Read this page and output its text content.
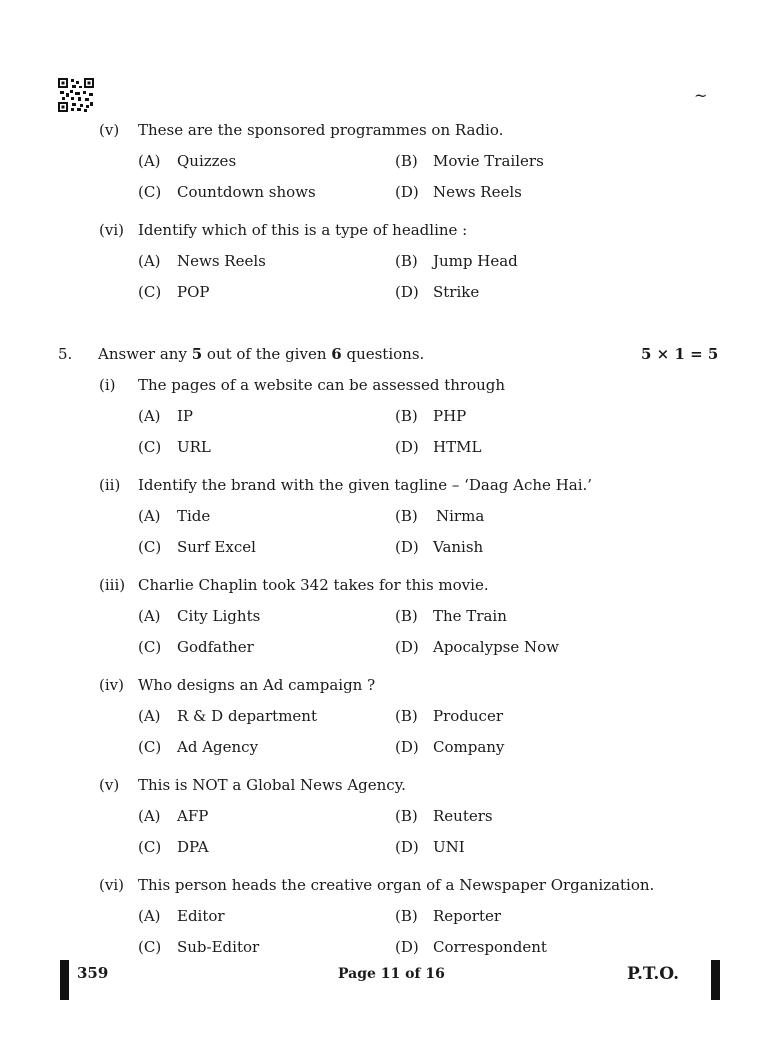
~
(v) These are the sponsored programmes on Radio.
(A) Quizzes	(B) Movie Trailers
(C) Countdown shows	(D) News Reels
(vi) Identify which of this is a type of headline :
(A) News Reels	(B) Jump Head
(C) POP	(D) Strike
5. Answer any 5 out of the given 6 questions.	5 × 1 = 5
(i) The pages of a website can be assessed through
(A) IP	(B) PHP
(C) URL	(D) HTML
(ii) Identify the brand with the given tagline – ‘Daag Ache Hai.’
(A) Tide	(B) Nirma
(C) Surf Excel	(D) Vanish
(iii) Charlie Chaplin took 342 takes for this movie.
(A) City Lights	(B) The Train
(C) Godfather	(D) Apocalypse Now
(iv) Who designs an Ad campaign ?
(A) R & D department	(B) Producer
(C) Ad Agency	(D) Company
(v) This is NOT a Global News Agency.
(A) AFP	(B) Reuters
(C) DPA	(D) UNI
(vi) This person heads the creative organ of a Newspaper Organization.
(A) Editor	(B) Reporter
(C) Sub-Editor	(D) Correspondent
359	Page 11 of 16	P.T.O.
